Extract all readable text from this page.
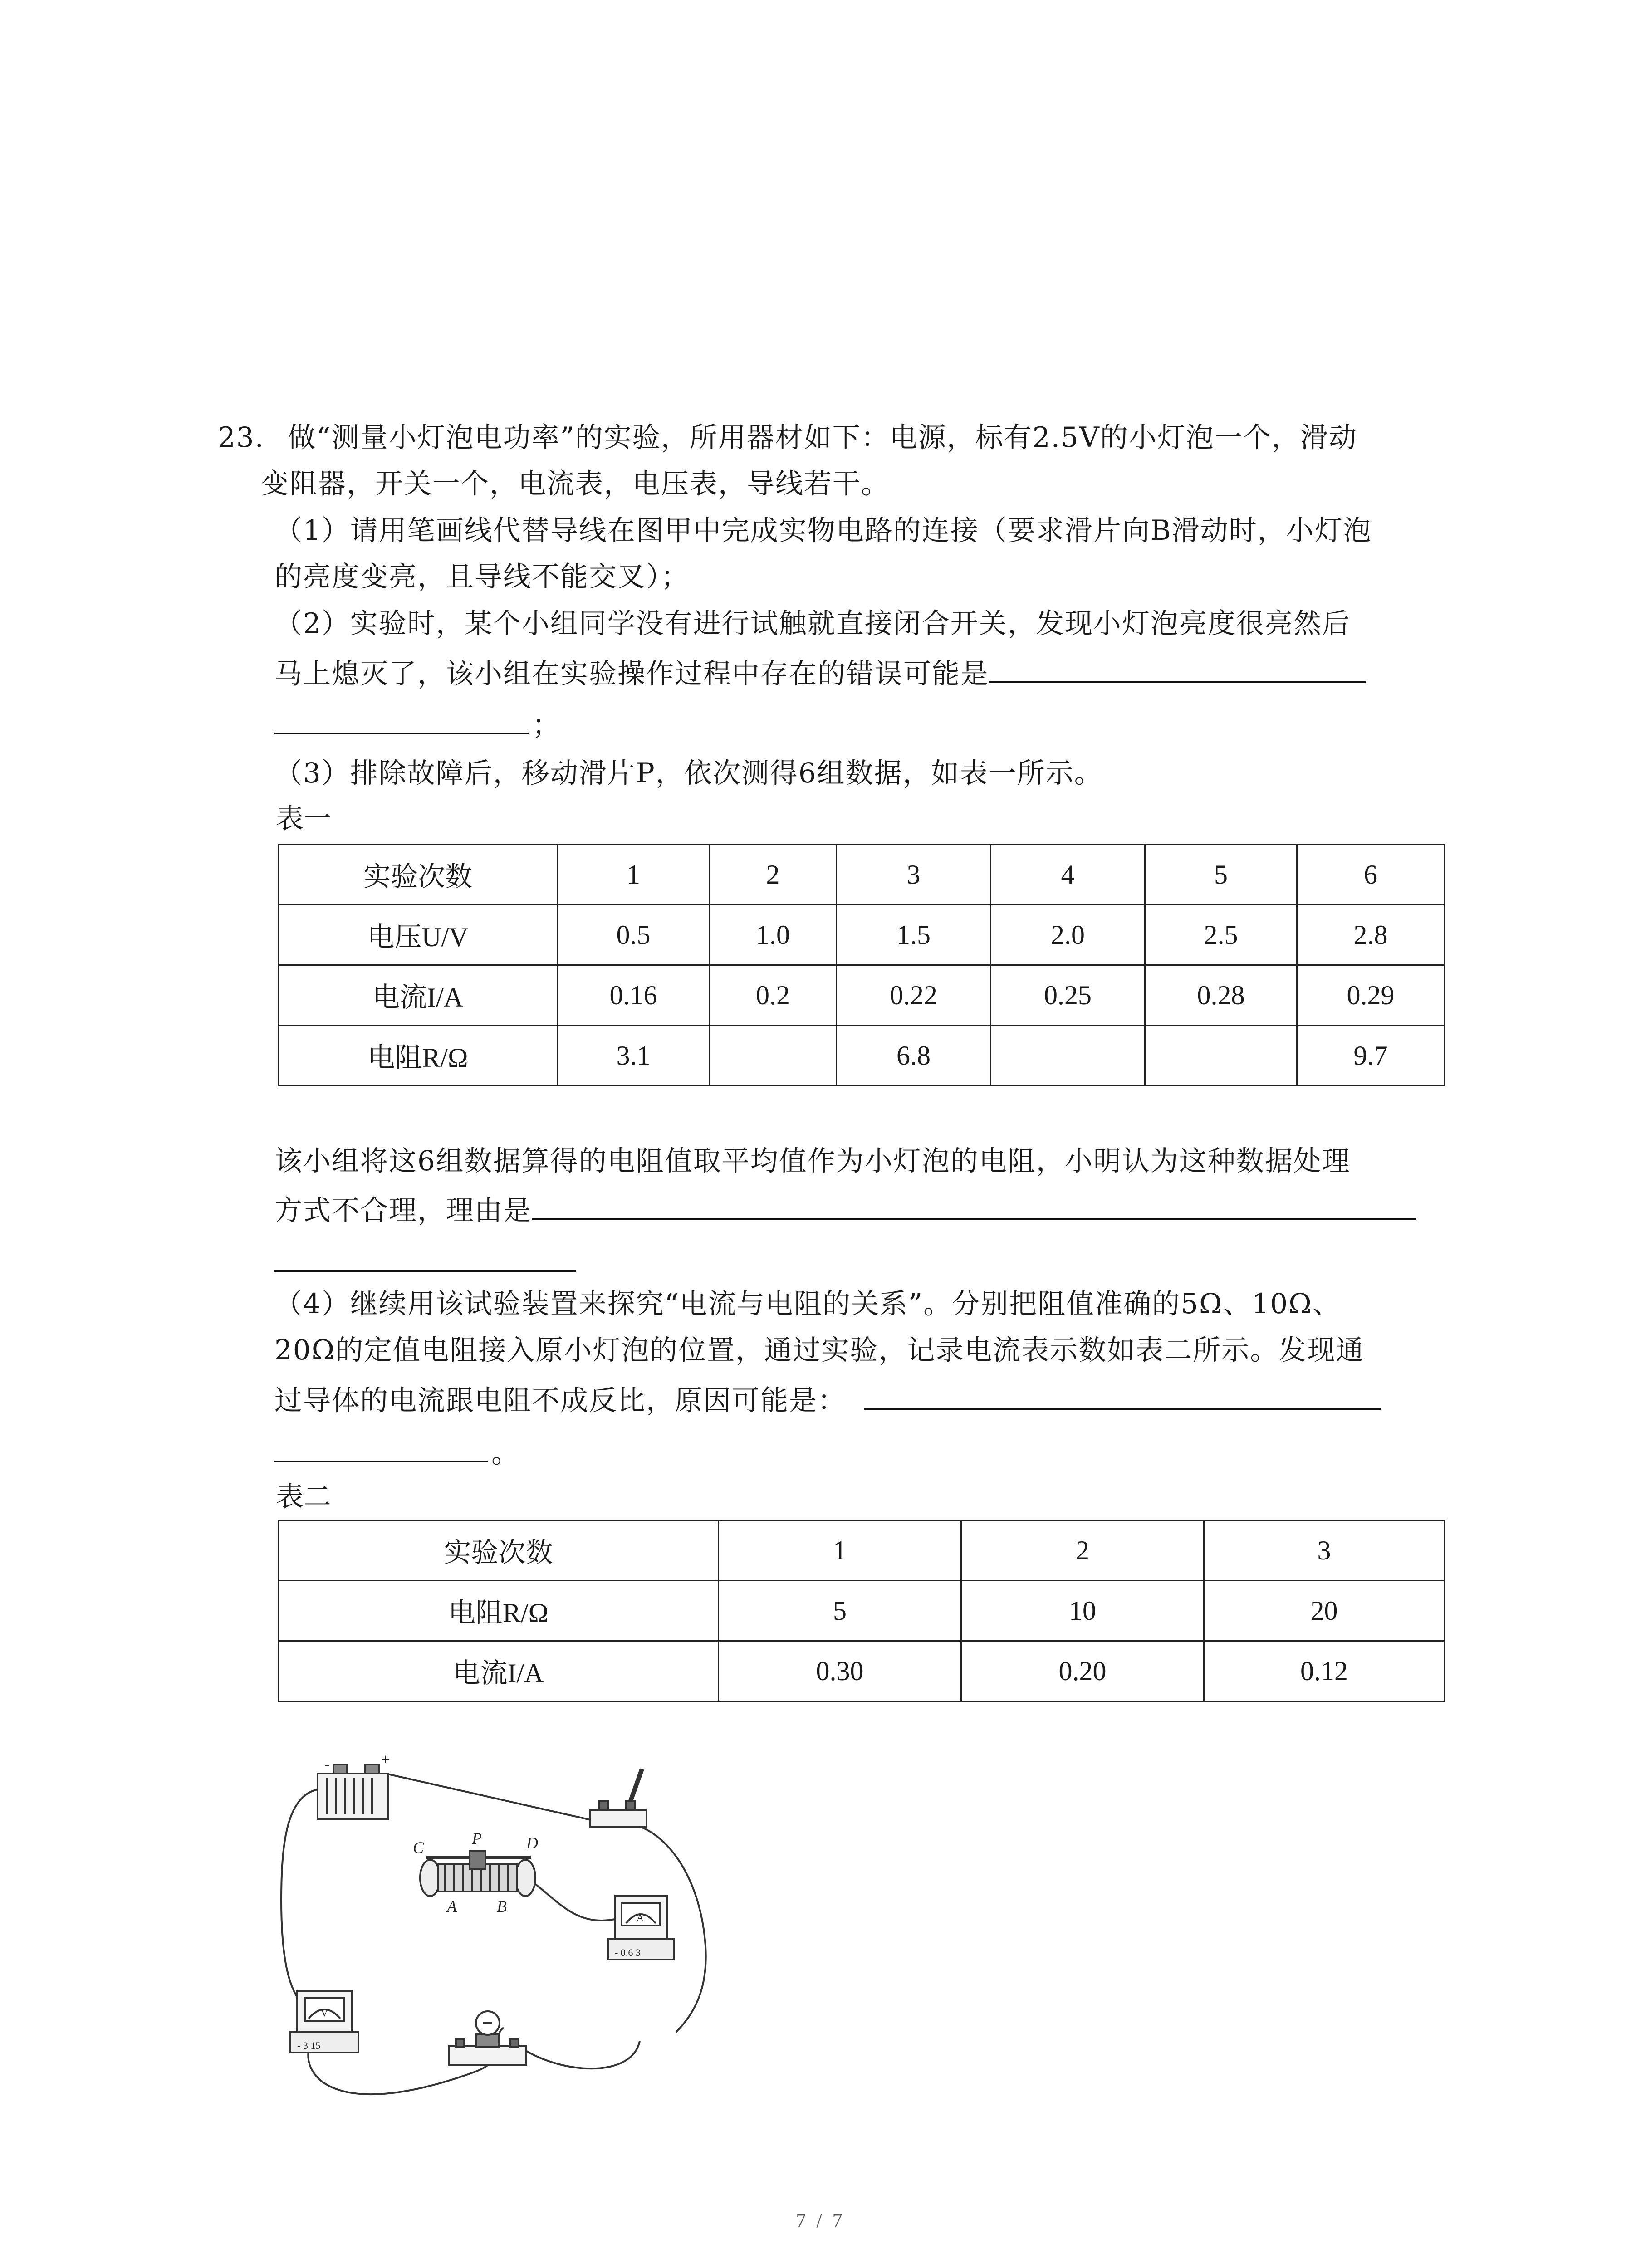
23. 做“测量小灯泡电功率”的实验，所用器材如下：电源，标有2.5V的小灯泡一个，滑动
变阻器，开关一个，电流表，电压表，导线若干。
（1）请用笔画线代替导线在图甲中完成实物电路的连接（要求滑片向B滑动时，小灯泡
的亮度变亮，且导线不能交叉）；
（2）实验时，某个小组同学没有进行试触就直接闭合开关，发现小灯泡亮度很亮然后
马上熄灭了，该小组在实验操作过程中存在的错误可能是
；
（3）排除故障后，移动滑片P，依次测得6组数据，如表一所示。
表一
实验次数	1	2	3	4	5	6
电压U/V	0.5	1.0	1.5	2.0	2.5	2.8
电流I/A	0.16	0.2	0.22	0.25	0.28	0.29
电阻R/Ω	3.1		6.8			9.7
该小组将这6组数据算得的电阻值取平均值作为小灯泡的电阻，小明认为这种数据处理
方式不合理，理由是
（4）继续用该试验装置来探究“电流与电阻的关系”。分别把阻值准确的5Ω、10Ω、
20Ω的定值电阻接入原小灯泡的位置，通过实验，记录电流表示数如表二所示。发现通
过导体的电流跟电阻不成反比，原因可能是：
。
表二
实验次数	1	2	3
电阻R/Ω	5	10	20
电流I/A	0.30	0.20	0.12
-	+
C	P	D
A B
A
- 0.6 3
V
- 3 15
7 / 7
